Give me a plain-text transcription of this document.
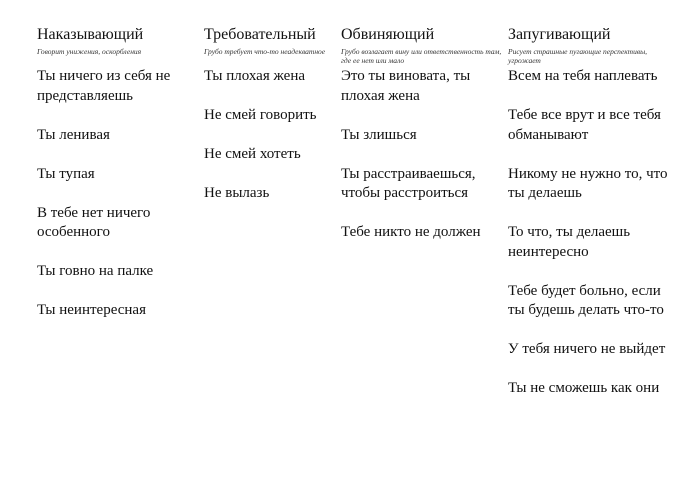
Наказывающий
Говорит унижения, оскорбления
Ты ничего из себя не представляешь
Ты ленивая
Ты тупая
В тебе нет ничего особенного
Ты говно на палке
Ты неинтересная
Требовательный
Грубо требует что-то неадекватное
Ты плохая жена
Не смей говорить
Не смей хотеть
Не вылазь
Обвиняющий
Грубо возлагает вину или ответственность там, где ее нет или мало
Это ты виновата, ты плохая жена
Ты злишься
Ты расстраиваешься, чтобы расстроиться
Тебе никто не должен
Запугивающий
Рисует страшные пугающие перспективы, угрожает
Всем на тебя наплевать
Тебе все врут и все тебя обманывают
Никому не нужно то, что ты делаешь
То что, ты делаешь неинтересно
Тебе будет больно, если ты будешь делать что-то
У тебя ничего не выйдет
Ты не сможешь как они
